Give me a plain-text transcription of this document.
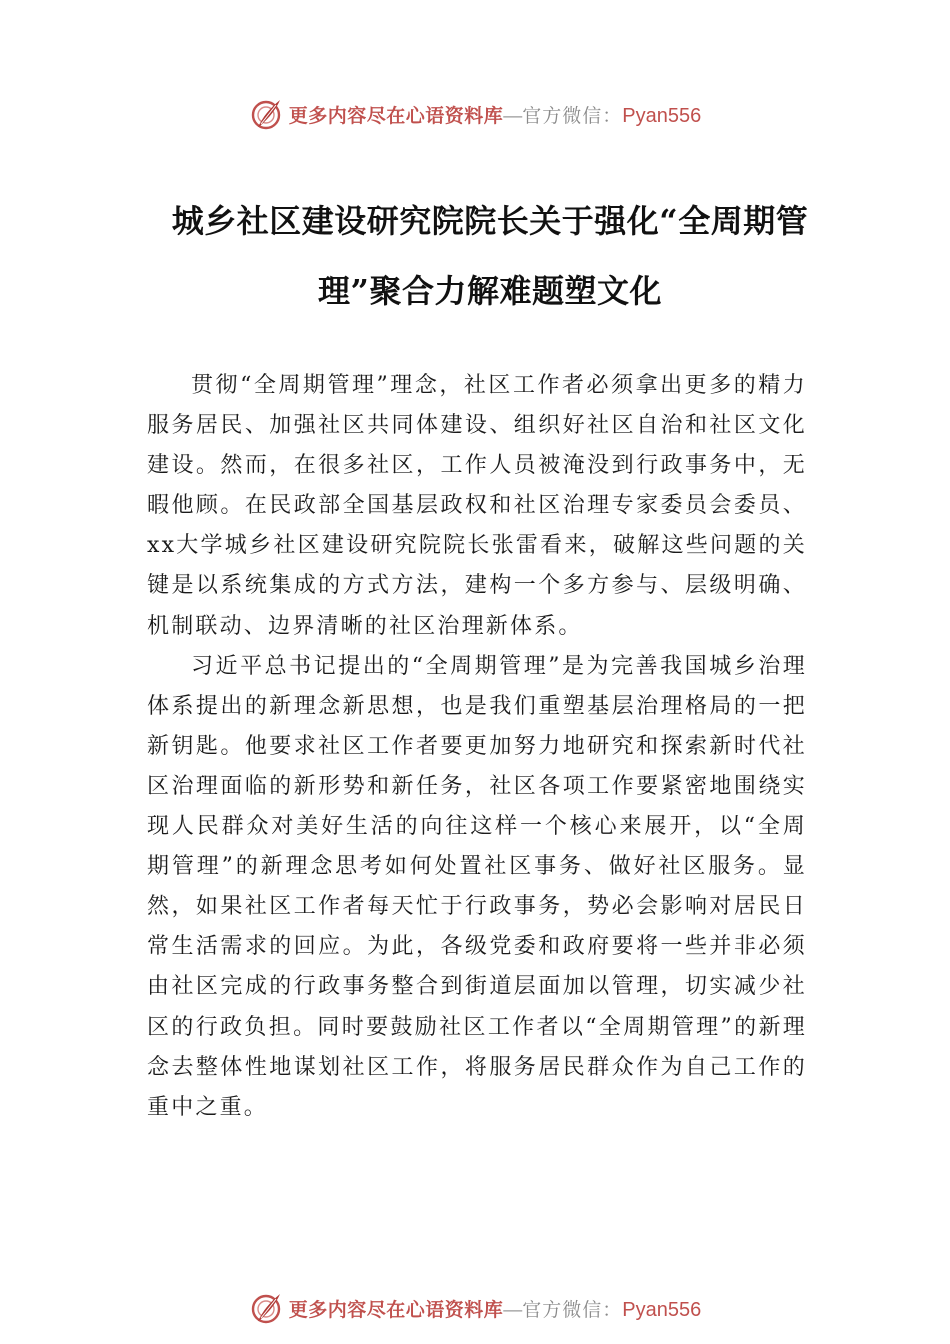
更多内容尽在心语资料库 — 官方微信： Pyan556
城乡社区建设研究院院长关于强化“全周期管理”聚合力解难题塑文化

贯彻“全周期管理”理念，社区工作者必须拿出更多的精力服务居民、加强社区共同体建设、组织好社区自治和社区文化建设。然而，在很多社区，工作人员被淹没到行政事务中，无暇他顾。在民政部全国基层政权和社区治理专家委员会委员、xx大学城乡社区建设研究院院长张雷看来，破解这些问题的关键是以系统集成的方式方法，建构一个多方参与、层级明确、机制联动、边界清晰的社区治理新体系。

习近平总书记提出的“全周期管理”是为完善我国城乡治理体系提出的新理念新思想，也是我们重塑基层治理格局的一把新钥匙。他要求社区工作者要更加努力地研究和探索新时代社区治理面临的新形势和新任务，社区各项工作要紧密地围绕实现人民群众对美好生活的向往这样一个核心来展开，以“全周期管理”的新理念思考如何处置社区事务、做好社区服务。显然，如果社区工作者每天忙于行政事务，势必会影响对居民日常生活需求的回应。为此，各级党委和政府要将一些并非必须由社区完成的行政事务整合到街道层面加以管理，切实减少社区的行政负担。同时要鼓励社区工作者以“全周期管理”的新理念去整体性地谋划社区工作，将服务居民群众作为自己工作的重中之重。

更多内容尽在心语资料库 — 官方微信： Pyan556
